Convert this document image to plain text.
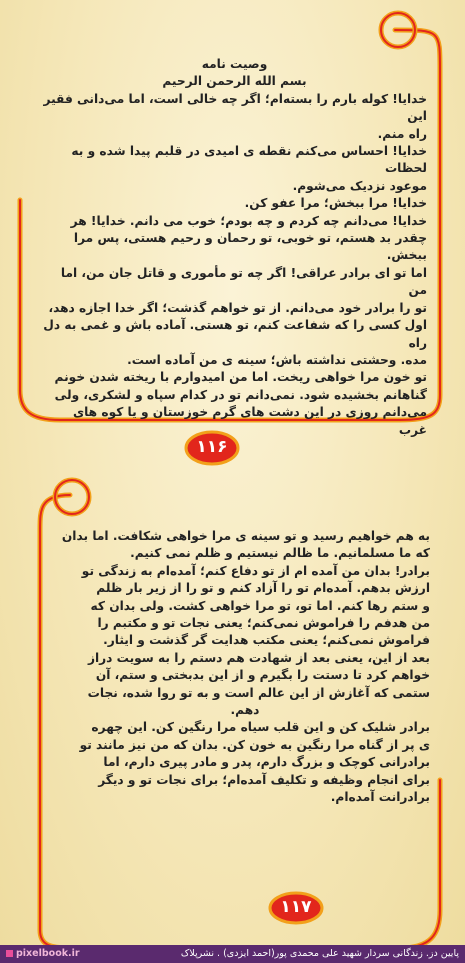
وصیت نامه

بسم الله الرحمن الرحیم

خدایا! کوله بارم را بسته‌ام؛ اگر چه خالی است، اما می‌دانی فقیر این

راه منم.

خدایا! احساس می‌کنم نقطه ی امیدی در قلبم پیدا شده و به لحظات

موعود نزدیک می‌شوم.

خدایا! مرا ببخش؛ مرا عفو کن.

خدایا! می‌دانم چه کردم و چه بودم؛ خوب می دانم. خدایا! هر

چقدر بد هستم، تو خوبی، تو رحمان و رحیم هستی، پس مرا ببخش.

اما تو ای برادر عراقی! اگر چه تو مأموری و قاتل جان من، اما من

تو را برادر خود می‌دانم. از تو خواهم گذشت؛ اگر خدا اجازه دهد،

اول کسی را که شفاعت کنم، تو هستی. آماده باش و غمی به دل راه

مده. وحشتی نداشته باش؛ سینه ی من آماده است.

تو خون مرا خواهی ریخت. اما من امیدوارم با ریخته شدن خونم

گناهانم بخشیده شود. نمی‌دانم تو در کدام سپاه و لشکری، ولی

می‌دانم روزی در این دشت های گرم خوزستان و یا کوه های غرب

۱۱۶

به هم خواهیم رسید و تو سینه ی مرا خواهی شکافت. اما بدان

که ما مسلمانیم. ما ظالم نیستیم و ظلم نمی کنیم.

برادر! بدان من آمده ام از تو دفاع کنم؛ آمده‌ام به زندگی تو

ارزش بدهم. آمده‌ام تو را آزاد کنم و تو را از زیر بار ظلم

و ستم رها کنم. اما تو، تو مرا خواهی کشت. ولی بدان که

من هدفم را فراموش نمی‌کنم؛ یعنی نجات تو و مکتبم را

فراموش نمی‌کنم؛ یعنی مکتب هدایت گر گذشت و ایثار.

بعد از این، یعنی بعد از شهادت هم دستم را به سویت دراز

خواهم کرد تا دستت را بگیرم و از این بدبختی و ستم، آن

ستمی که آغازش از این عالم است و به تو روا شده، نجات

دهم.

برادر شلیک کن و این قلب سیاه مرا رنگین کن. این چهره

ی پر از گناه مرا رنگین به خون کن. بدان که من نیز مانند تو

برادرانی کوچک و بزرگ دارم، پدر و مادر پیری دارم، اما

برای انجام وظیفه و تکلیف آمده‌ام؛ برای نجات تو و دیگر

برادرانت آمده‌ام.

۱۱۷
pixelbook.ir	پایین دز. زندگانی سردار شهید علی محمدی پور(احمد ایزدی) . نشرپلاک
